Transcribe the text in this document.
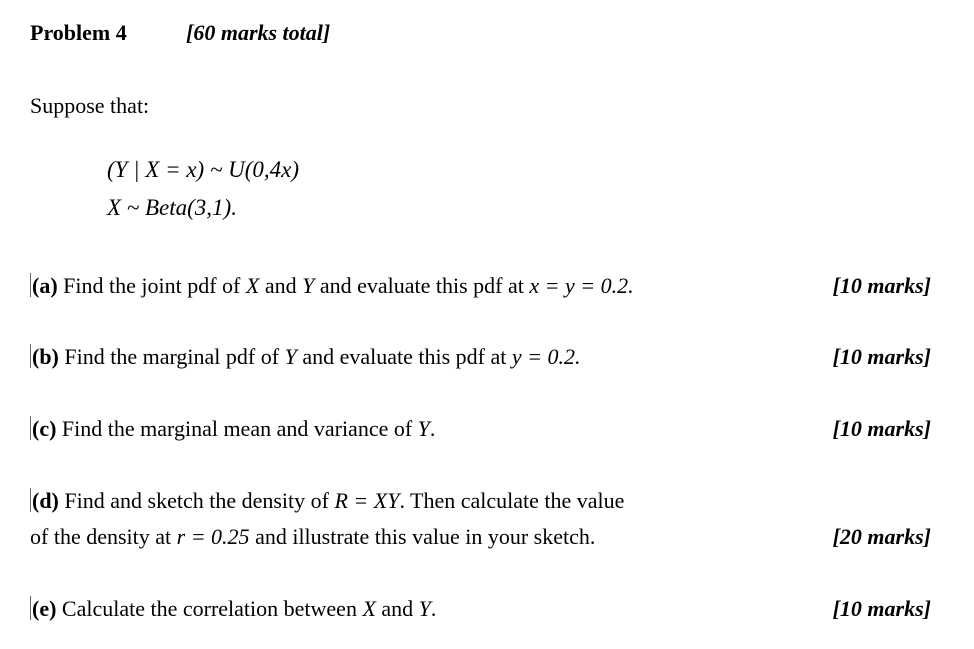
Problem 4	[60 marks total]
Suppose that:
(Y | X = x) ~ U(0,4x)
X ~ Beta(3,1).
(a) Find the joint pdf of X and Y and evaluate this pdf at x = y = 0.2.	[10 marks]
(b) Find the marginal pdf of Y and evaluate this pdf at y = 0.2.	[10 marks]
(c) Find the marginal mean and variance of Y.	[10 marks]
(d) Find and sketch the density of R = XY. Then calculate the value
of the density at r = 0.25 and illustrate this value in your sketch.	[20 marks]
(e) Calculate the correlation between X and Y.	[10 marks]
